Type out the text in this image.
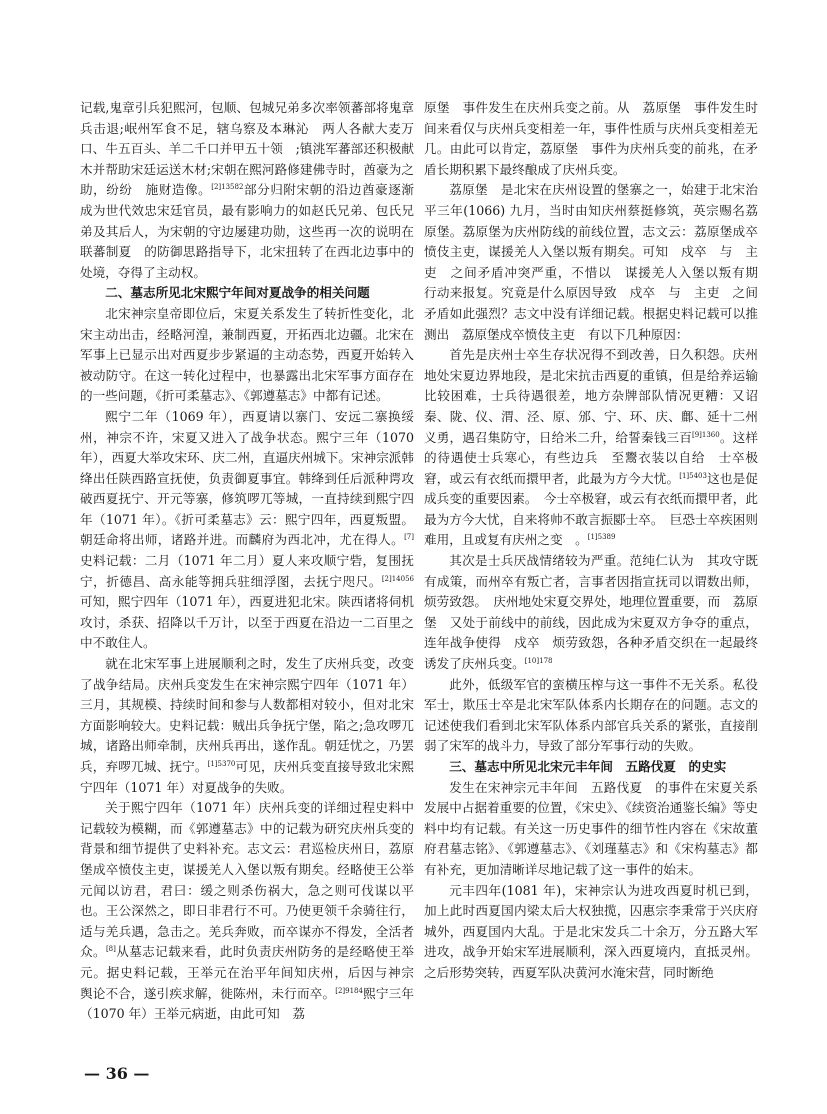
记载,鬼章引兵犯熙河，包顺、包城兄弟多次率领蕃部将鬼章兵击退;岷州军食不足，辖乌察及本琳沁　两人各献大麦万口、牛五百头、羊二千口并甲五十领　;镇洮军蕃部还积极献木并帮助宋廷运送木材;宋朝在熙河路修建佛寺时，酋豪为之助，纷纷　施财造像。$^{[2]13582}$部分归附宋朝的沿边酋豪逐渐成为世代效忠宋廷官员，最有影响力的如赵氏兄弟、包氏兄弟及其后人，为宋朝的守边屡建功勋，这些再一次的说明在　联蕃制夏　的防御思路指导下，北宋扭转了在西北边事中的处境，夺得了主动权。

二、墓志所见北宋熙宁年间对夏战争的相关问题

北宋神宗皇帝即位后，宋夏关系发生了转折性变化，北宋主动出击，经略河湟，兼制西夏，开拓西北边疆。北宋在军事上已显示出对西夏步步紧逼的主动态势，西夏开始转入被动防守。在这一转化过程中，也暴露出北宋军事方面存在的一些问题，《折可柔墓志》、《郭遵墓志》中都有记述。

熙宁二年（1069 年），西夏请以寨门、安远二寨换绥州，神宗不许，宋夏又进入了战争状态。熙宁三年（1070 年），西夏大举攻宋环、庆二州，直逼庆州城下。宋神宗派韩绛出任陕西路宣抚使，负责御夏事宜。韩绛到任后派种谔攻破西夏抚宁、开元等寨，修筑啰兀等城，一直持续到熙宁四年（1071 年）。《折可柔墓志》云：熙宁四年，西夏叛盟。朝廷命将出师，诸路并进。而麟府为西北冲，尤在得人。[7]史料记载：二月（1071 年二月）夏人来攻顺宁砦，复围抚宁，折德昌、高永能等拥兵驻细浮图，去抚宁咫尺。$^{[2]14056}$可知，熙宁四年（1071 年），西夏进犯北宋。陕西诸将伺机攻讨，杀获、招降以千万计，以至于西夏在沿边一二百里之中不敢住人。

就在北宋军事上进展顺利之时，发生了庆州兵变，改变了战争结局。庆州兵变发生在宋神宗熙宁四年（1071 年）三月，其规模、持续时间和参与人数都相对较小，但对北宋方面影响较大。史料记载：贼出兵争抚宁堡，陷之;急攻啰兀城，诸路出师牵制，庆州兵再出，遂作乱。朝廷忧之，乃罢兵，弃啰兀城、抚宁。$^{[1]5370}$可见，庆州兵变直接导致北宋熙宁四年（1071 年）对夏战争的失败。

关于熙宁四年（1071 年）庆州兵变的详细过程史料中记载较为模糊，而《郭遵墓志》中的记载为研究庆州兵变的背景和细节提供了史料补充。志文云：君巡检庆州日，荔原堡成卒愤伎主吏，谋援羌人入堡以叛有期矣。经略使王公举元闻以访君，君曰：缓之则杀伤祸大，急之则可伐谋以平也。王公深然之，即日非君行不可。乃使更领千余骑往行，适与羌兵遇，急击之。羌兵奔败，而卒谋亦不得发，全活者众。[8]从墓志记载来看，此时负责庆州防务的是经略使王举元。据史料记载，王举元在治平年间知庆州，后因与神宗　舆论不合，遂引疾求解，徙陈州，未行而卒。$^{[2]9184}$熙宁三年（1070 年）王举元病逝，由此可知　荔

原堡　事件发生在庆州兵变之前。从　荔原堡　事件发生时间来看仅与庆州兵变相差一年，事件性质与庆州兵变相差无几。由此可以肯定，荔原堡　事件为庆州兵变的前兆，在矛盾长期积累下最终酿成了庆州兵变。

荔原堡　是北宋在庆州设置的堡寨之一，始建于北宋治平三年(1066) 九月，当时由知庆州蔡挺修筑，英宗赐名荔原堡。荔原堡为庆州防线的前线位置，志文云：荔原堡成卒愤伎主吏，谋援羌人入堡以叛有期矣。可知　戍卒　与　主吏　之间矛盾冲突严重，不惜以　谋援羌人入堡以叛有期　行动来报复。究竟是什么原因导致　戍卒　与　主吏　之间矛盾如此强烈？志文中没有详细记载。根据史料记载可以推测出　荔原堡戍卒愤伎主吏　有以下几种原因：

首先是庆州士卒生存状况得不到改善，日久积怨。庆州地处宋夏边界地段，是北宋抗击西夏的重镇，但是给养运输比较困难，士兵待遇很差，地方杂牌部队情况更糟：又诏秦、陇、仪、渭、泾、原、邠、宁、环、庆、鄜、延十二州义勇，遇召集防守，日给米二升，给誓秦钱三百$^{[9]1360}$。这样的待遇使士兵寒心，有些边兵　至鬻衣装以自给　士卒极窘，或云有衣纸而擐甲者，此最为方今大忧。$^{[1]5403}$这也是促成兵变的重要因素。　今士卒极窘，或云有衣纸而擐甲者，此最为方今大忧，自来将帅不敢言振郾士卒。　巨恐士卒疾困则难用，且或复有庆州之变　。$^{[1]5389}$

其次是士兵厌战情绪较为严重。范纯仁认为　其攻守既有成策，而州卒有叛亡者，言事者因指宣抚司以谓数出师，烦劳致怨。　庆州地处宋夏交界处，地理位置重要，而　荔原堡　又处于前线中的前线，因此成为宋夏双方争夺的重点，连年战争使得　戍卒　烦劳致怨，各种矛盾交织在一起最终诱发了庆州兵变。$^{[10]178}$

此外，低级军官的蛮横压榨与这一事件不无关系。私役军士，欺压士卒是北宋军队体系内长期存在的问题。志文的记述使我们看到北宋军队体系内部官兵关系的紧张，直接削弱了宋军的战斗力，导致了部分军事行动的失败。

三、墓志中所见北宋元丰年间　五路伐夏　的史实

发生在宋神宗元丰年间　五路伐夏　的事件在宋夏关系发展中占据着重要的位置，《宋史》、《续资治通鉴长编》等史料中均有记载。有关这一历史事件的细节性内容在《宋故董府君墓志铭》、《郭遵墓志》、《刘瑾墓志》和《宋构墓志》都有补充，更加清晰详尽地记载了这一事件的始末。

元丰四年(1081 年)，宋神宗认为进攻西夏时机已到，加上此时西夏国内梁太后大权独揽，囚惠宗李秉常于兴庆府城外，西夏国内大乱。于是北宋发兵二十余万，分五路大军进攻，战争开始宋军进展顺利，深入西夏境内，直抵灵州。之后形势突转，西夏军队决黄河水淹宋营，同时断绝

— 36 —
